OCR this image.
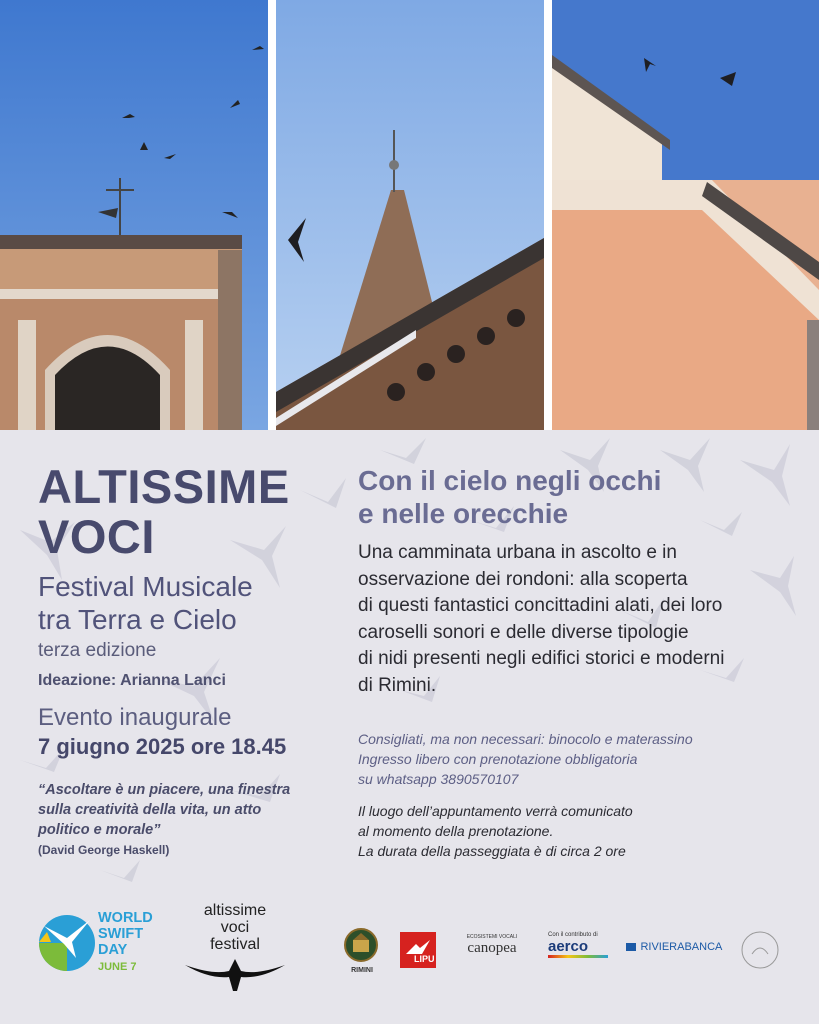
ALTISSIME
VOCI
Festival Musicale
tra Terra e Cielo
terza edizione
Ideazione: Arianna Lanci
Evento inaugurale
7 giugno 2025 ore 18.45
“Ascoltare è un piacere, una finestra
sulla creatività della vita, un atto
politico e morale”
(David George Haskell)
Con il cielo negli occhi
e nelle orecchie
Una camminata urbana in ascolto e in
osservazione dei rondoni: alla scoperta
di questi fantastici concittadini alati, dei loro
caroselli sonori e delle diverse tipologie
di nidi presenti negli edifici storici e moderni
di Rimini.
Consigliati, ma non necessari: binocolo e materassino
Ingresso libero con prenotazione obbligatoria
su whatsapp 3890570107
Il luogo dell’appuntamento verrà comunicato
al momento della prenotazione.
La durata della passeggiata è di circa 2 ore
WORLD
SWIFT
DAY
JUNE 7
altissime
voci
festival
RIMINI
LIPU
ECOSISTEMI VOCALI
canopea
Con il contributo di
aerco	RIVIERABANCA
